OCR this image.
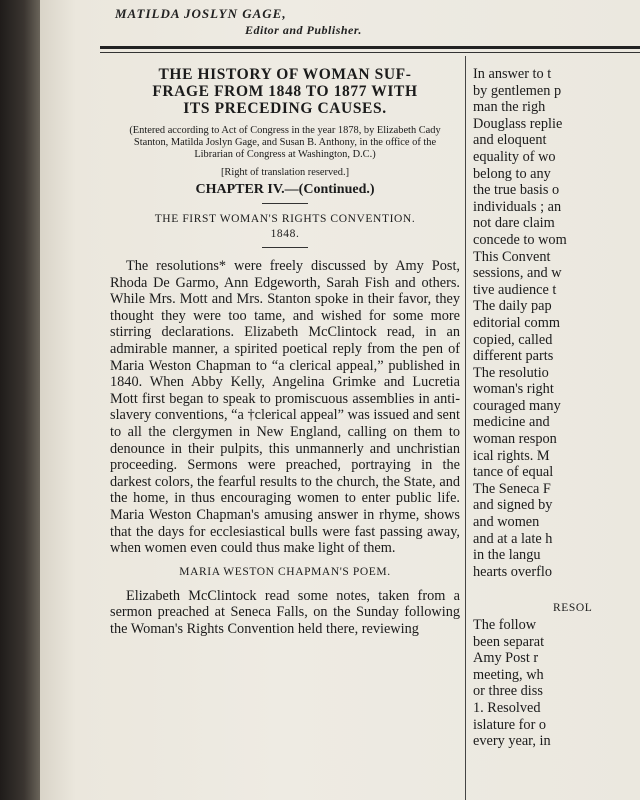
MATILDA JOSLYN GAGE,
Editor and Publisher.
THE HISTORY OF WOMAN SUF-
FRAGE FROM 1848 TO 1877 WITH
ITS PRECEDING CAUSES.

(Entered according to Act of Congress in the year 1878, by Elizabeth Cady Stanton, Matilda Joslyn Gage, and Susan B. Anthony, in the office of the Librarian of Congress at Washington, D.C.)

[Right of translation reserved.]

CHAPTER IV.—(Continued.)

THE FIRST WOMAN'S RIGHTS CONVENTION.
1848.

The resolutions* were freely discussed by Amy Post, Rhoda De Garmo, Ann Edgeworth, Sarah Fish and others. While Mrs. Mott and Mrs. Stanton spoke in their favor, they thought they were too tame, and wished for some more stirring declarations. Elizabeth McClintock read, in an admirable manner, a spirited poetical reply from the pen of Maria Weston Chapman to “a clerical appeal,” published in 1840. When Abby Kelly, Angelina Grimke and Lucretia Mott first began to speak to promiscuous assemblies in anti-slavery conventions, “a †clerical appeal” was issued and sent to all the clergymen in New England, calling on them to denounce in their pulpits, this unmannerly and unchristian proceeding. Sermons were preached, portraying in the darkest colors, the fearful results to the church, the State, and the home, in thus encouraging women to enter public life. Maria Weston Chapman's amusing answer in rhyme, shows that the days for ecclesiastical bulls were fast passing away, when women even could thus make light of them.

MARIA WESTON CHAPMAN'S POEM.

Elizabeth McClintock read some notes, taken from a sermon preached at Seneca Falls, on the Sunday following the Woman's Rights Convention held there, reviewing

In answer to t
by gentlemen p
man the righ
Douglass replie
and eloquent
equality of wo
belong to any
the true basis o
individuals ; an
not dare claim
concede to wom
This Convent
sessions, and w
tive audience t
The daily pap
editorial comm
copied, called
different parts
The resolutio
woman's right
couraged many
medicine and
woman respon
ical rights. M
tance of equal
The Seneca F
and signed by
and women
and at a late h
in the langu
hearts overflo
RESOL
The follow
been separat
Amy Post r
meeting, wh
or three diss
1. Resolved
islature for o
every year, in
